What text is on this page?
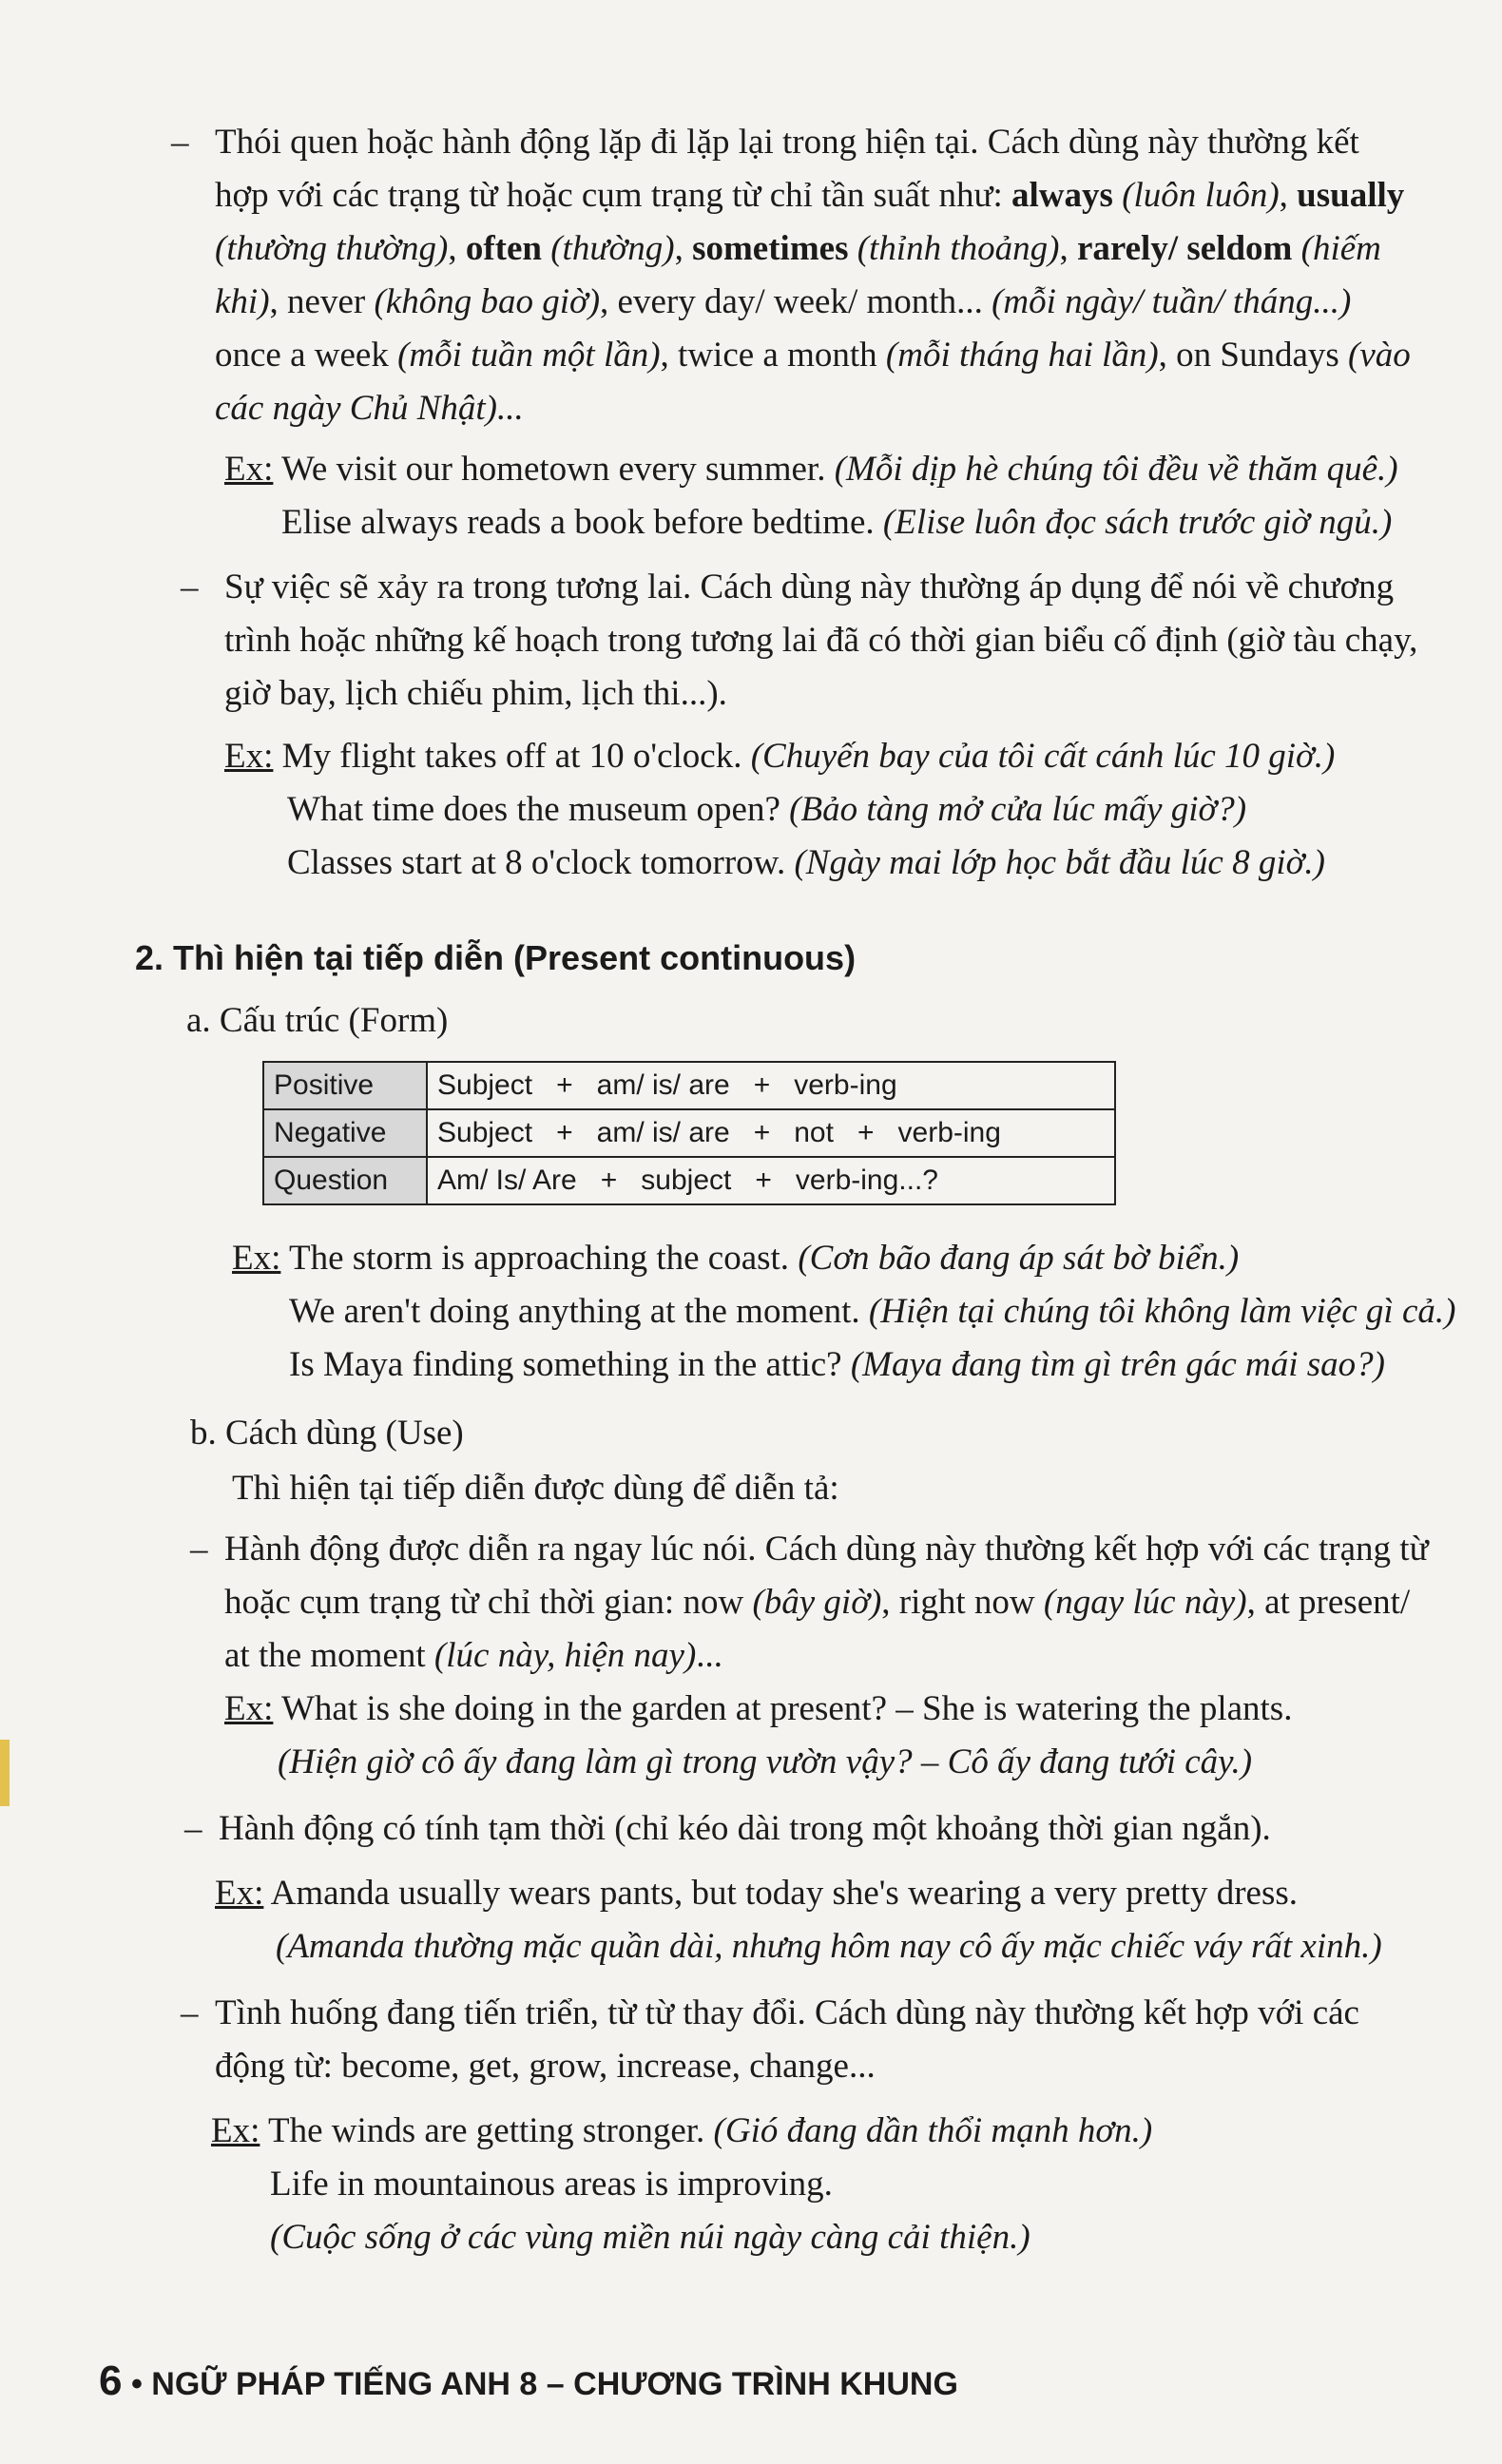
– Thói quen hoặc hành động lặp đi lặp lại trong hiện tại. Cách dùng này thường kết
hợp với các trạng từ hoặc cụm trạng từ chỉ tần suất như: always (luôn luôn), usually
(thường thường), often (thường), sometimes (thỉnh thoảng), rarely/ seldom (hiếm
khi), never (không bao giờ), every day/ week/ month... (mỗi ngày/ tuần/ tháng...)
once a week (mỗi tuần một lần), twice a month (mỗi tháng hai lần), on Sundays (vào
các ngày Chủ Nhật)...
Ex: We visit our hometown every summer. (Mỗi dịp hè chúng tôi đều về thăm quê.)
Elise always reads a book before bedtime. (Elise luôn đọc sách trước giờ ngủ.)
– Sự việc sẽ xảy ra trong tương lai. Cách dùng này thường áp dụng để nói về chương
trình hoặc những kế hoạch trong tương lai đã có thời gian biểu cố định (giờ tàu chạy,
giờ bay, lịch chiếu phim, lịch thi...).
Ex: My flight takes off at 10 o'clock. (Chuyến bay của tôi cất cánh lúc 10 giờ.)
What time does the museum open? (Bảo tàng mở cửa lúc mấy giờ?)
Classes start at 8 o'clock tomorrow. (Ngày mai lớp học bắt đầu lúc 8 giờ.)
2. Thì hiện tại tiếp diễn (Present continuous)
a. Cấu trúc (Form)
Positive	Subject + am/ is/ are + verb-ing
Negative	Subject + am/ is/ are + not + verb-ing
Question	Am/ Is/ Are + subject + verb-ing...?
Ex: The storm is approaching the coast. (Cơn bão đang áp sát bờ biển.)
We aren't doing anything at the moment. (Hiện tại chúng tôi không làm việc gì cả.)
Is Maya finding something in the attic? (Maya đang tìm gì trên gác mái sao?)
b. Cách dùng (Use)
Thì hiện tại tiếp diễn được dùng để diễn tả:
– Hành động được diễn ra ngay lúc nói. Cách dùng này thường kết hợp với các trạng từ
hoặc cụm trạng từ chỉ thời gian: now (bây giờ), right now (ngay lúc này), at present/
at the moment (lúc này, hiện nay)...
Ex: What is she doing in the garden at present? – She is watering the plants.
(Hiện giờ cô ấy đang làm gì trong vườn vậy? – Cô ấy đang tưới cây.)
– Hành động có tính tạm thời (chỉ kéo dài trong một khoảng thời gian ngắn).
Ex: Amanda usually wears pants, but today she's wearing a very pretty dress.
(Amanda thường mặc quần dài, nhưng hôm nay cô ấy mặc chiếc váy rất xinh.)
– Tình huống đang tiến triển, từ từ thay đổi. Cách dùng này thường kết hợp với các
động từ: become, get, grow, increase, change...
Ex: The winds are getting stronger. (Gió đang dần thổi mạnh hơn.)
Life in mountainous areas is improving.
(Cuộc sống ở các vùng miền núi ngày càng cải thiện.)
6 • NGỮ PHÁP TIẾNG ANH 8 – CHƯƠNG TRÌNH KHUNG
